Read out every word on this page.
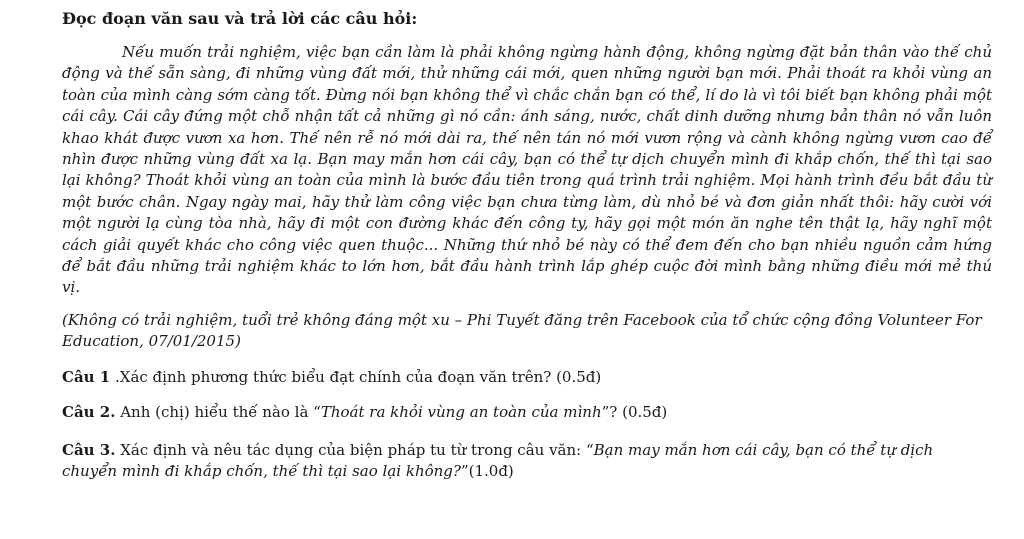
Đọc đoạn văn sau và trả lời các câu hỏi:

Nếu muốn trải nghiệm, việc bạn cần làm là phải không ngừng hành động, không ngừng đặt bản thân vào thế chủ động và thế sẵn sàng, đi những vùng đất mới, thử những cái mới, quen những người bạn mới. Phải thoát ra khỏi vùng an toàn của mình càng sớm càng tốt. Đừng nói bạn không thể vì chắc chắn bạn có thể, lí do là vì tôi biết bạn không phải một cái cây. Cái cây đứng một chỗ nhận tất cả những gì nó cần: ánh sáng, nước, chất dinh dưỡng nhưng bản thân nó vẫn luôn khao khát được vươn xa hơn. Thế nên rễ nó mới dài ra, thế nên tán nó mới vươn rộng và cành không ngừng vươn cao để nhìn được những vùng đất xa lạ. Bạn may mắn hơn cái cây, bạn có thể tự dịch chuyển mình đi khắp chốn, thế thì tại sao lại không? Thoát khỏi vùng an toàn của mình là bước đầu tiên trong quá trình trải nghiệm. Mọi hành trình đều bắt đầu từ một bước chân. Ngay ngày mai, hãy thử làm công việc bạn chưa từng làm, dù nhỏ bé và đơn giản nhất thôi: hãy cười với một người lạ cùng tòa nhà, hãy đi một con đường khác đến công ty, hãy gọi một món ăn nghe tên thật lạ, hãy nghĩ một cách giải quyết khác cho công việc quen thuộc... Những thứ nhỏ bé này có thể đem đến cho bạn nhiều nguồn cảm hứng để bắt đầu những trải nghiệm khác to lớn hơn, bắt đầu hành trình lắp ghép cuộc đời mình bằng những điều mới mẻ thú vị.

(Không có trải nghiệm, tuổi trẻ không đáng một xu – Phi Tuyết đăng trên Facebook của tổ chức cộng đồng Volunteer For Education, 07/01/2015)

Câu 1 .Xác định phương thức biểu đạt chính của đoạn văn trên? (0.5đ)

Câu 2. Anh (chị) hiểu thế nào là “Thoát ra khỏi vùng an toàn của mình”? (0.5đ)

Câu 3. Xác định và nêu tác dụng của biện pháp tu từ trong câu văn: “Bạn may mắn hơn cái cây, bạn có thể tự dịch chuyển mình đi khắp chốn, thế thì tại sao lại không?”(1.0đ)
